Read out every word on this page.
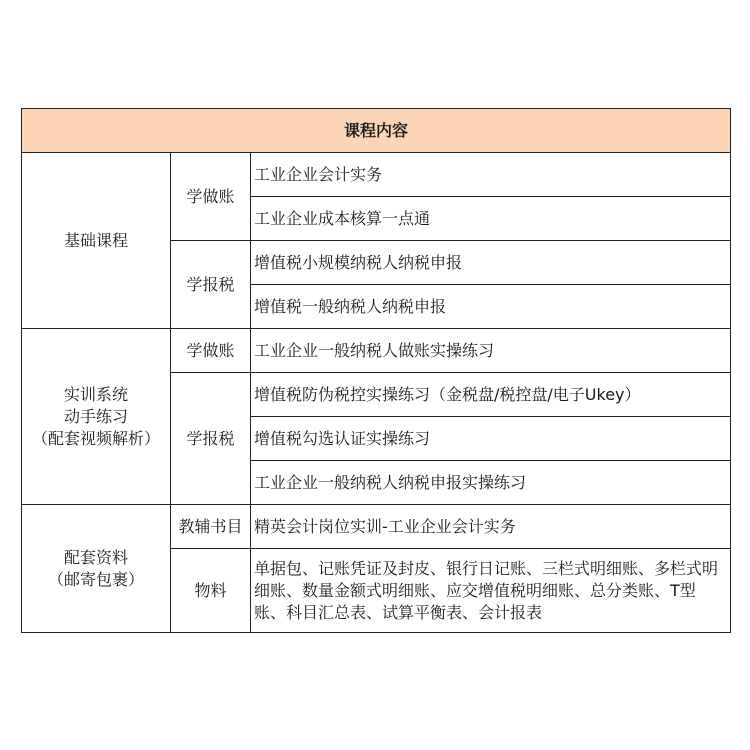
课程内容		

基础课程	学做账	工业企业会计实务
		工业企业成本核算一点通
	学报税	增值税小规模纳税人纳税申报
		增值税一般纳税人纳税申报

实训系统
动手练习
（配套视频解析）	学做账	工业企业一般纳税人做账实操练习
	学报税	增值税防伪税控实操练习（金税盘/税控盘/电子Ukey）
		增值税勾选认证实操练习
		工业企业一般纳税人纳税申报实操练习

配套资料
（邮寄包裹）	教辅书目	精英会计岗位实训-工业企业会计实务
	物料	单据包、记账凭证及封皮、银行日记账、三栏式明细账、多栏式明细账、数量金额式明细账、应交增值税明细账、总分类账、T型账、科目汇总表、试算平衡表、会计报表
